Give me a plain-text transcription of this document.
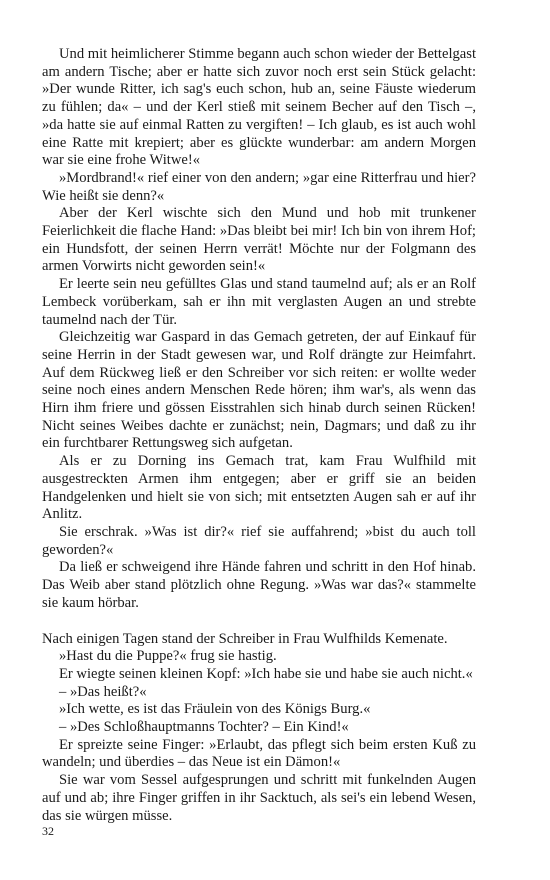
Und mit heimlicherer Stimme begann auch schon wieder der Bettelgast am andern Tische; aber er hatte sich zuvor noch erst sein Stück gelacht: »Der wunde Ritter, ich sag's euch schon, hub an, seine Fäuste wiederum zu fühlen; da« – und der Kerl stieß mit seinem Becher auf den Tisch –, »da hatte sie auf einmal Ratten zu vergiften! – Ich glaub, es ist auch wohl eine Ratte mit krepiert; aber es glückte wunderbar: am andern Morgen war sie eine frohe Witwe!«

»Mordbrand!« rief einer von den andern; »gar eine Ritterfrau und hier? Wie heißt sie denn?«

Aber der Kerl wischte sich den Mund und hob mit trunkener Feierlichkeit die flache Hand: »Das bleibt bei mir! Ich bin von ihrem Hof; ein Hundsfott, der seinen Herrn verrät! Möchte nur der Folgmann des armen Vorwirts nicht geworden sein!«

Er leerte sein neu gefülltes Glas und stand taumelnd auf; als er an Rolf Lembeck vorüberkam, sah er ihn mit verglasten Augen an und strebte taumelnd nach der Tür.

Gleichzeitig war Gaspard in das Gemach getreten, der auf Einkauf für seine Herrin in der Stadt gewesen war, und Rolf drängte zur Heimfahrt. Auf dem Rückweg ließ er den Schreiber vor sich reiten: er wollte weder seine noch eines andern Menschen Rede hören; ihm war's, als wenn das Hirn ihm friere und gössen Eisstrahlen sich hinab durch seinen Rücken! Nicht seines Weibes dachte er zunächst; nein, Dagmars; und daß zu ihr ein furchtbarer Rettungsweg sich aufgetan.

Als er zu Dorning ins Gemach trat, kam Frau Wulfhild mit ausgestreckten Armen ihm entgegen; aber er griff sie an beiden Handgelenken und hielt sie von sich; mit entsetzten Augen sah er auf ihr Anlitz.

Sie erschrak. »Was ist dir?« rief sie auffahrend; »bist du auch toll geworden?«

Da ließ er schweigend ihre Hände fahren und schritt in den Hof hinab. Das Weib aber stand plötzlich ohne Regung. »Was war das?« stammelte sie kaum hörbar.

Nach einigen Tagen stand der Schreiber in Frau Wulfhilds Kemenate.

»Hast du die Puppe?« frug sie hastig.

Er wiegte seinen kleinen Kopf: »Ich habe sie und habe sie auch nicht.«

– »Das heißt?«

»Ich wette, es ist das Fräulein von des Königs Burg.«

– »Des Schloßhauptmanns Tochter? – Ein Kind!«

Er spreizte seine Finger: »Erlaubt, das pflegt sich beim ersten Kuß zu wandeln; und überdies – das Neue ist ein Dämon!«

Sie war vom Sessel aufgesprungen und schritt mit funkelnden Augen auf und ab; ihre Finger griffen in ihr Sacktuch, als sei's ein lebend Wesen, das sie würgen müsse.

32
